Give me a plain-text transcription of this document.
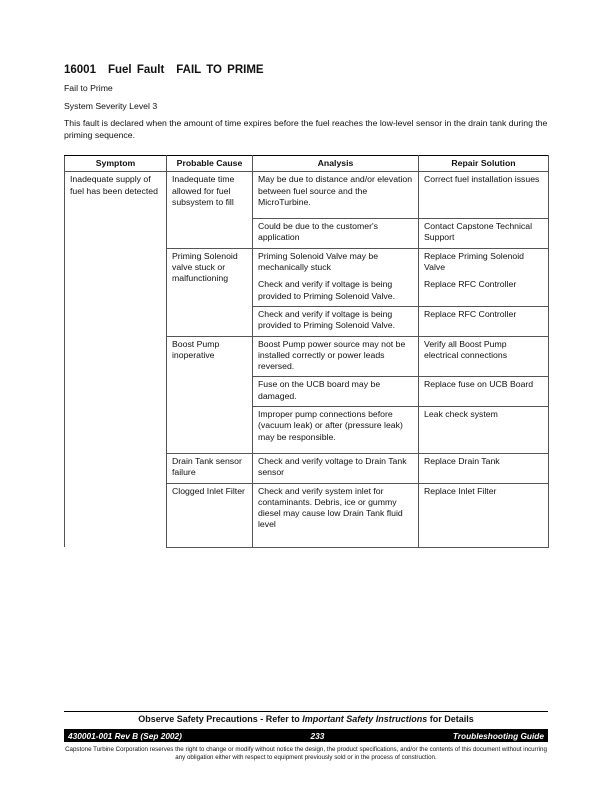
16001 Fuel Fault FAIL TO PRIME

Fail to Prime

System Severity Level 3

This fault is declared when the amount of time expires before the fuel reaches the low-level sensor in the drain tank during the priming sequence.

Symptom	Probable Cause	Analysis	Repair Solution
Inadequate supply of fuel has been detected	Inadequate time allowed for fuel subsystem to fill	May be due to distance and/or elevation between fuel source and the MicroTurbine.	Correct fuel installation issues
		Could be due to the customer's application	Contact Capstone Technical Support
	Priming Solenoid valve stuck or malfunctioning	Priming Solenoid Valve may be mechanically stuck	Replace Priming Solenoid Valve
		Check and verify if voltage is being provided to Priming Solenoid Valve.	Replace RFC Controller
		Check and verify if voltage is being provided to Priming Solenoid Valve.	Replace RFC Controller
	Boost Pump inoperative	Boost Pump power source may not be installed correctly or power leads reversed.	Verify all Boost Pump electrical connections
		Fuse on the UCB board may be damaged.	Replace fuse on UCB Board
		Improper pump connections before (vacuum leak) or after (pressure leak) may be responsible.	Leak check system
	Drain Tank sensor failure	Check and verify voltage to Drain Tank sensor	Replace Drain Tank
	Clogged Inlet Filter	Check and verify system inlet for contaminants. Debris, ice or gummy diesel may cause low Drain Tank fluid level	Replace Inlet Filter

Observe Safety Precautions - Refer to Important Safety Instructions for Details
430001-001 Rev B (Sep 2002)	233	Troubleshooting Guide
Capstone Turbine Corporation reserves the right to change or modify without notice the design, the product specifications, and/or the contents of this document without incurring any obligation either with respect to equipment previously sold or in the process of construction.
